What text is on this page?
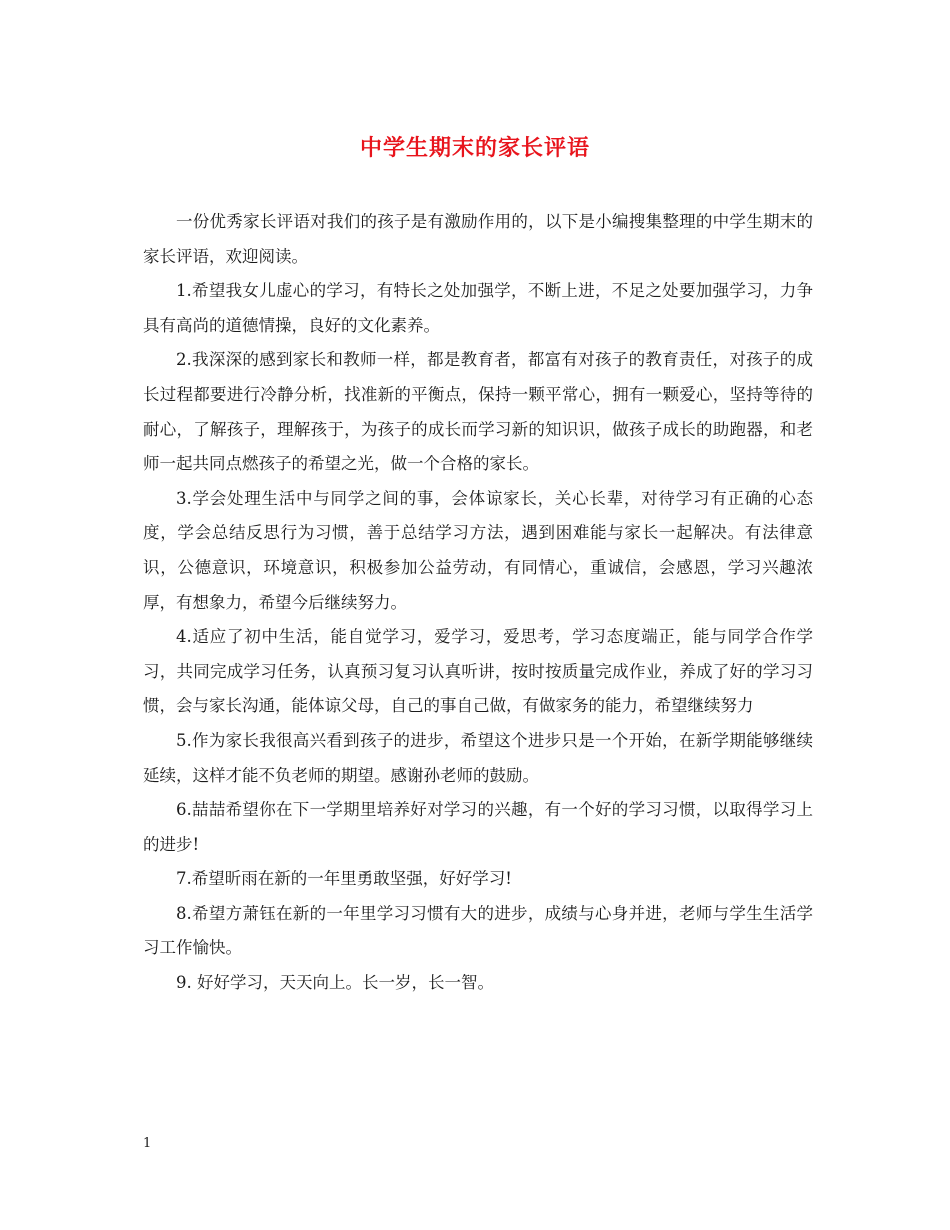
中学生期末的家长评语

一份优秀家长评语对我们的孩子是有激励作用的，以下是小编搜集整理的中学生期末的家长评语，欢迎阅读。

1.希望我女儿虚心的学习，有特长之处加强学，不断上进，不足之处要加强学习，力争具有高尚的道德情操，良好的文化素养。

2.我深深的感到家长和教师一样，都是教育者，都富有对孩子的教育责任，对孩子的成长过程都要进行冷静分析，找准新的平衡点，保持一颗平常心，拥有一颗爱心，坚持等待的耐心，了解孩子，理解孩于，为孩子的成长而学习新的知识识，做孩子成长的助跑器，和老师一起共同点燃孩子的希望之光，做一个合格的家长。

3.学会处理生活中与同学之间的事，会体谅家长，关心长辈，对待学习有正确的心态度，学会总结反思行为习惯，善于总结学习方法，遇到困难能与家长一起解决。有法律意识，公德意识，环境意识，积极参加公益劳动，有同情心，重诚信，会感恩，学习兴趣浓厚，有想象力，希望今后继续努力。

4.适应了初中生活，能自觉学习，爱学习，爱思考，学习态度端正，能与同学合作学习，共同完成学习任务，认真预习复习认真听讲，按时按质量完成作业，养成了好的学习习惯，会与家长沟通，能体谅父母，自己的事自己做，有做家务的能力，希望继续努力

5.作为家长我很高兴看到孩子的进步，希望这个进步只是一个开始，在新学期能够继续延续，这样才能不负老师的期望。感谢孙老师的鼓励。

6.喆喆希望你在下一学期里培养好对学习的兴趣，有一个好的学习习惯，以取得学习上的进步!

7.希望昕雨在新的一年里勇敢坚强，好好学习!

8.希望方萧钰在新的一年里学习习惯有大的进步，成绩与心身并进，老师与学生生活学习工作愉快。

9. 好好学习，天天向上。长一岁，长一智。

1
